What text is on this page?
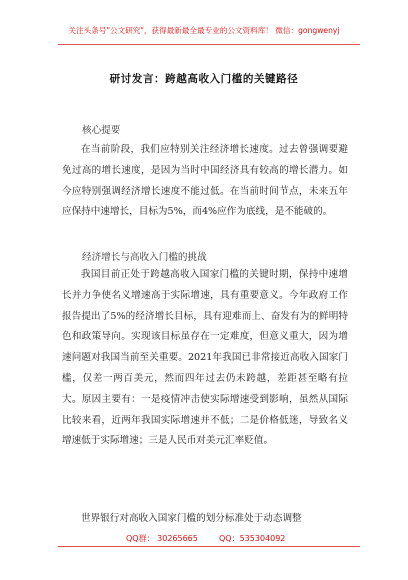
关注头条号"公文研究"，获得最新最全最专业的公文资料库！ 微信：gongwenyj
研讨发言：跨越高收入门槛的关键路径
核心提要
在当前阶段，我们应特别关注经济增长速度。过去曾强调要避免过高的增长速度，是因为当时中国经济具有较高的增长潜力。如今应特别强调经济增长速度不能过低。在当前时间节点，未来五年应保持中速增长，目标为5%，而4%应作为底线，是不能破的。
经济增长与高收入门槛的挑战
我国目前正处于跨越高收入国家门槛的关键时期，保持中速增长并力争使名义增速高于实际增速，具有重要意义。今年政府工作报告提出了5%的经济增长目标，具有迎难而上、奋发有为的鲜明特色和政策导向。实现该目标虽存在一定难度，但意义重大，因为增速问题对我国当前至关重要。2021年我国已非常接近高收入国家门槛，仅差一两百美元，然而四年过去仍未跨越，差距甚至略有拉大。原因主要有：一是疫情冲击使实际增速受到影响，虽然从国际比较来看，近两年我国实际增速并不低；二是价格低迷，导致名义增速低于实际增速；三是人民币对美元汇率贬值。
世界银行对高收入国家门槛的划分标准处于动态调整
QQ群： 30265665	QQ：535304092
